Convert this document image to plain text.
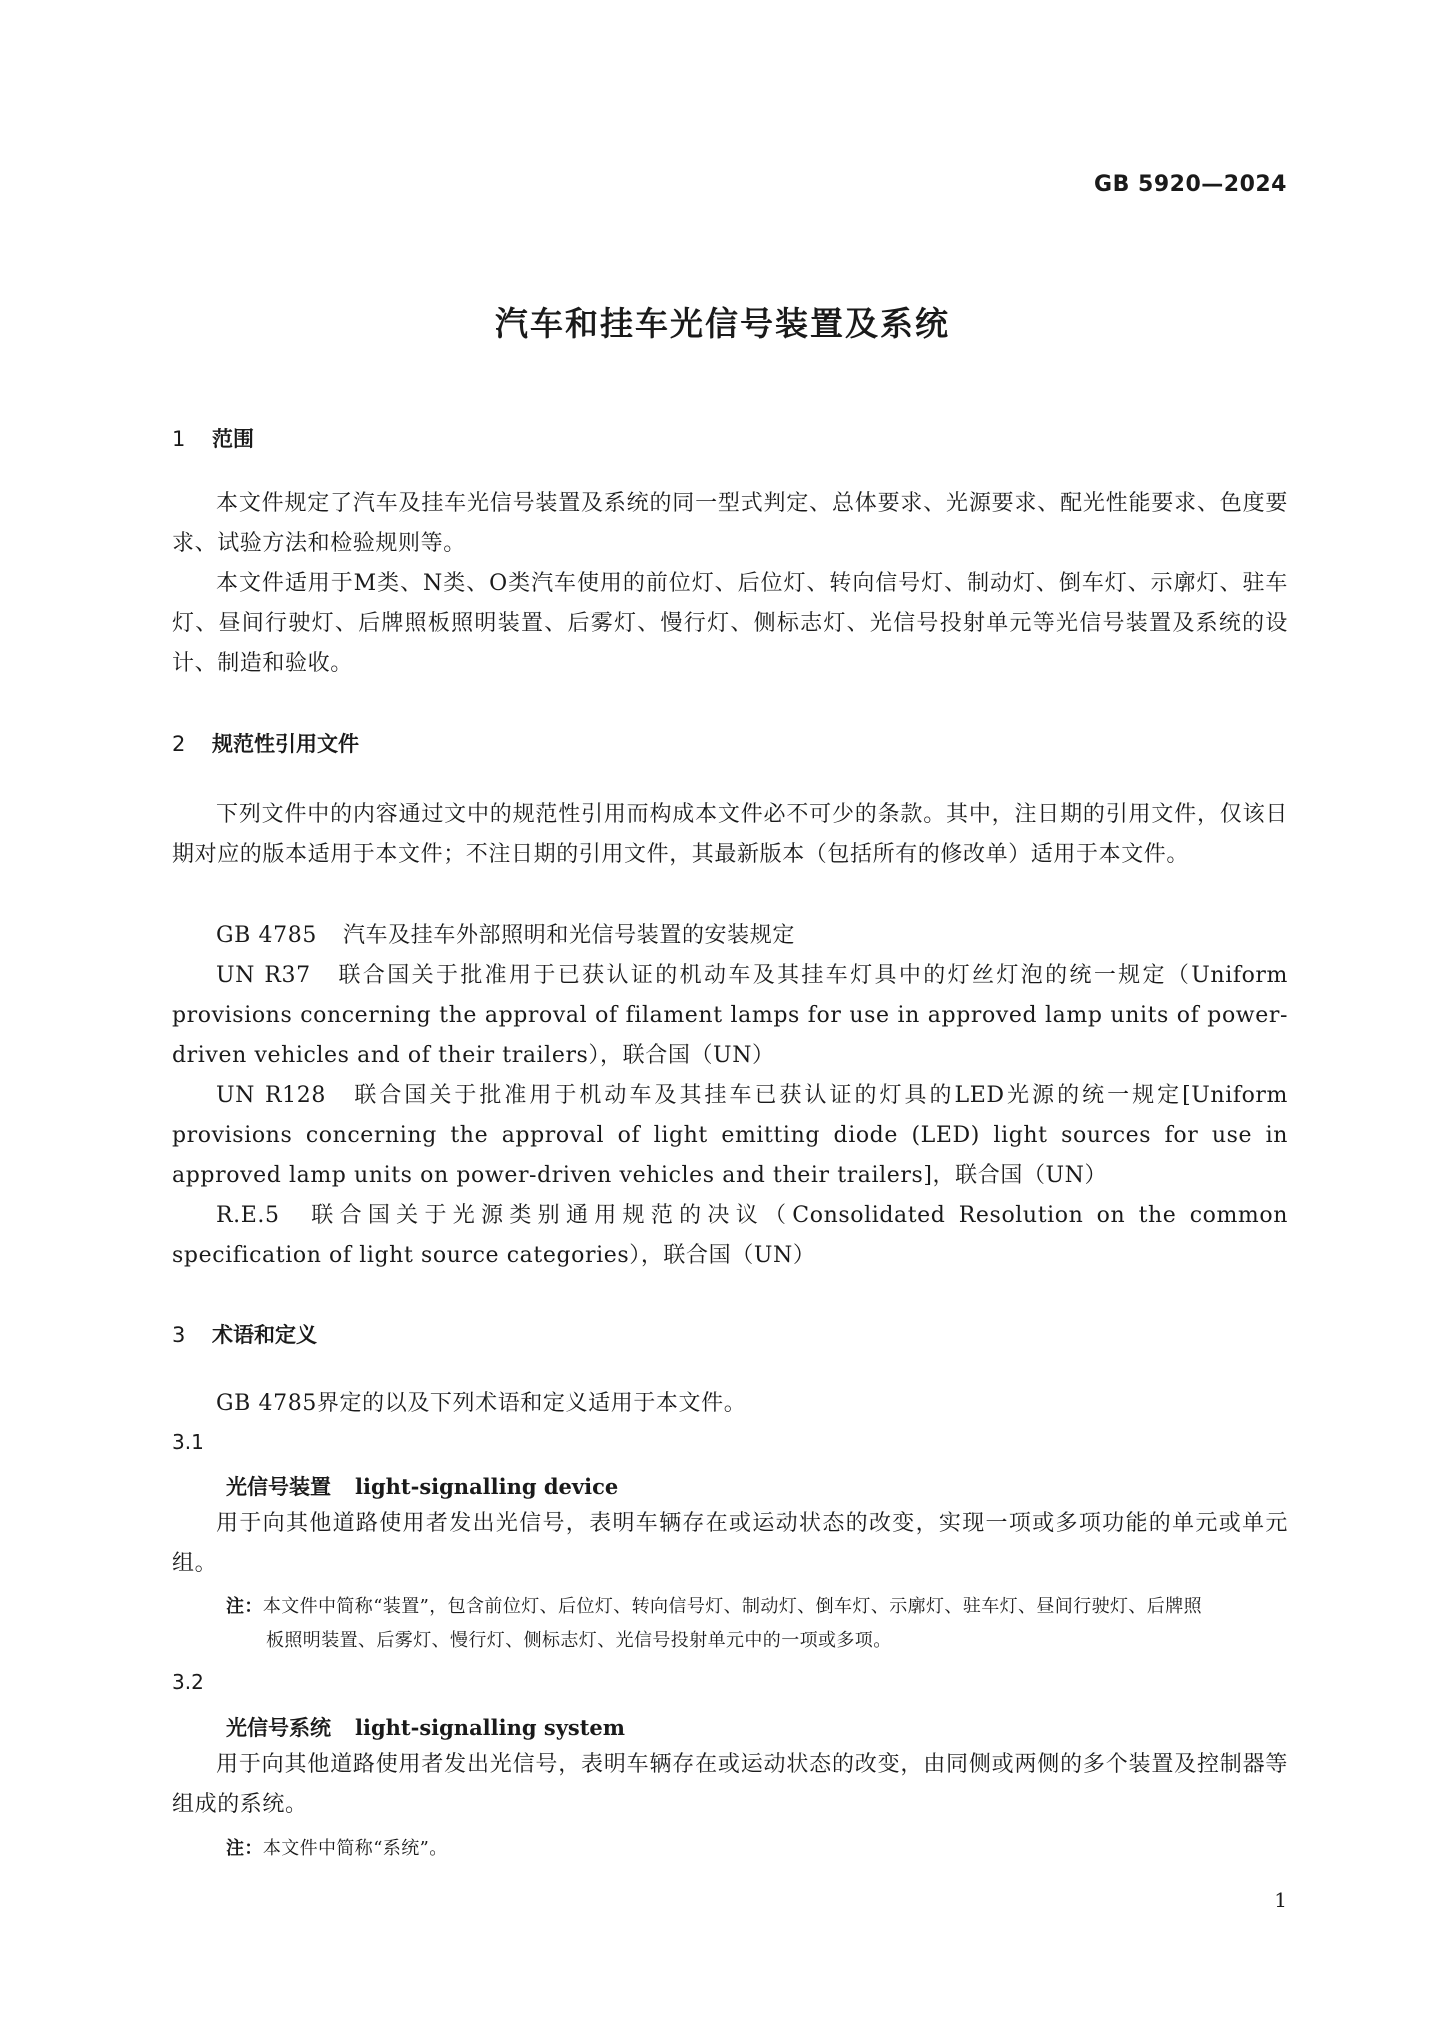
GB 5920—2024
汽车和挂车光信号装置及系统
1 范围
本文件规定了汽车及挂车光信号装置及系统的同一型式判定、总体要求、光源要求、配光性能要求、色度要求、试验方法和检验规则等。
本文件适用于M类、N类、O类汽车使用的前位灯、后位灯、转向信号灯、制动灯、倒车灯、示廓灯、驻车灯、昼间行驶灯、后牌照板照明装置、后雾灯、慢行灯、侧标志灯、光信号投射单元等光信号装置及系统的设计、制造和验收。
2 规范性引用文件
下列文件中的内容通过文中的规范性引用而构成本文件必不可少的条款。其中，注日期的引用文件，仅该日期对应的版本适用于本文件；不注日期的引用文件，其最新版本（包括所有的修改单）适用于本文件。
GB 4785 汽车及挂车外部照明和光信号装置的安装规定
UN R37 联合国关于批准用于已获认证的机动车及其挂车灯具中的灯丝灯泡的统一规定（Uniform provisions concerning the approval of filament lamps for use in approved lamp units of power-driven vehicles and of their trailers），联合国（UN）
UN R128 联合国关于批准用于机动车及其挂车已获认证的灯具的LED光源的统一规定[Uniform provisions concerning the approval of light emitting diode (LED) light sources for use in approved lamp units on power-driven vehicles and their trailers]，联合国（UN）
R.E.5 联合国关于光源类别通用规范的决议（Consolidated Resolution on the common specification of light source categories），联合国（UN）
3 术语和定义
GB 4785界定的以及下列术语和定义适用于本文件。
3.1
光信号装置 light-signalling device
用于向其他道路使用者发出光信号，表明车辆存在或运动状态的改变，实现一项或多项功能的单元或单元组。
注：本文件中简称“装置”，包含前位灯、后位灯、转向信号灯、制动灯、倒车灯、示廓灯、驻车灯、昼间行驶灯、后牌照
板照明装置、后雾灯、慢行灯、侧标志灯、光信号投射单元中的一项或多项。
3.2
光信号系统 light-signalling system
用于向其他道路使用者发出光信号，表明车辆存在或运动状态的改变，由同侧或两侧的多个装置及控制器等组成的系统。
注：本文件中简称“系统”。
1
